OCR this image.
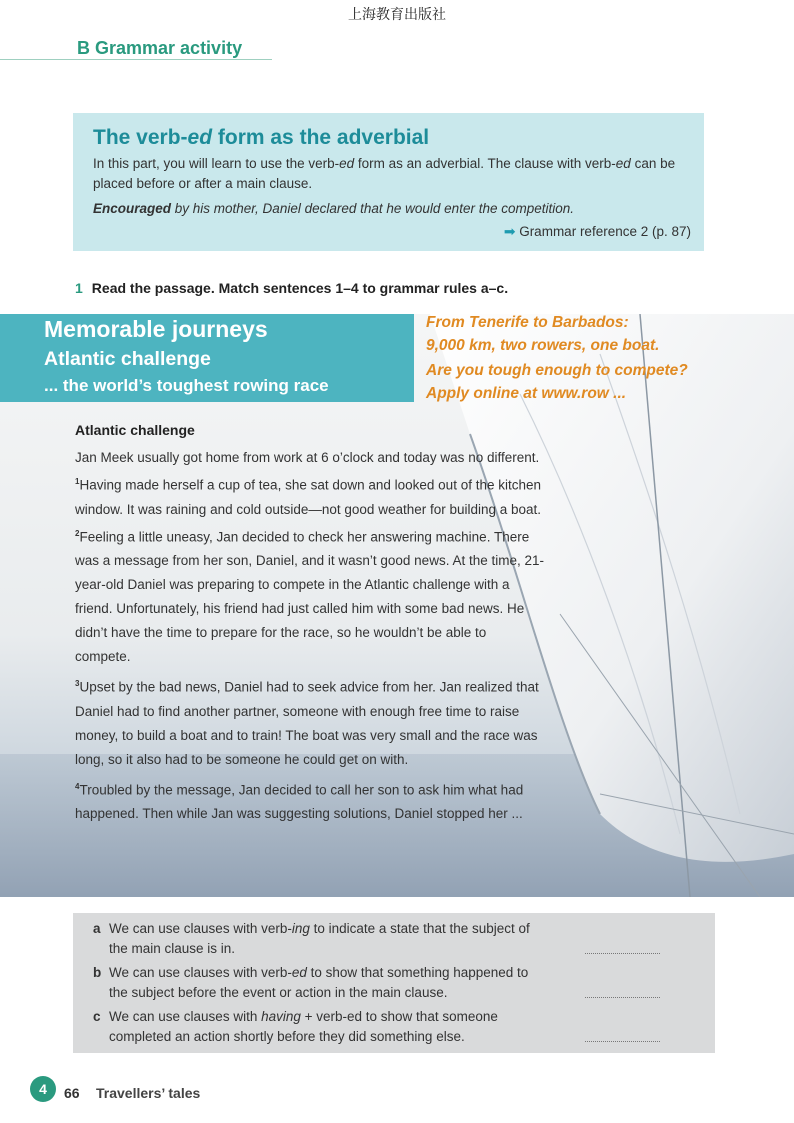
上海教育出版社
B Grammar activity
The verb-ed form as the adverbial
In this part, you will learn to use the verb-ed form as an adverbial. The clause with verb-ed can be placed before or after a main clause.
Encouraged by his mother, Daniel declared that he would enter the competition.
➟ Grammar reference 2 (p. 87)
1 Read the passage. Match sentences 1–4 to grammar rules a–c.
Memorable journeys
Atlantic challenge
... the world’s toughest rowing race
From Tenerife to Barbados:
9,000 km, two rowers, one boat.
Are you tough enough to compete?
Apply online at www.row ...
Atlantic challenge

Jan Meek usually got home from work at 6 o’clock and today was no different. $^1$Having made herself a cup of tea, she sat down and looked out of the kitchen window. It was raining and cold outside—not good weather for building a boat. $^2$Feeling a little uneasy, Jan decided to check her answering machine. There was a message from her son, Daniel, and it wasn’t good news. At the time, 21-year-old Daniel was preparing to compete in the Atlantic challenge with a friend. Unfortunately, his friend had just called him with some bad news. He didn’t have the time to prepare for the race, so he wouldn’t be able to compete.

$^3$Upset by the bad news, Daniel had to seek advice from her. Jan realized that Daniel had to find another partner, someone with enough free time to raise money, to build a boat and to train! The boat was very small and the race was long, so it also had to be someone he could get on with.

$^4$Troubled by the message, Jan decided to call her son to ask him what had happened. Then while Jan was suggesting solutions, Daniel stopped her ...

a We can use clauses with verb-ing to indicate a state that the subject of
the main clause is in.
b We can use clauses with verb-ed to show that something happened to
the subject before the event or action in the main clause.
c We can use clauses with having + verb-ed to show that someone
completed an action shortly before they did something else.
4	66 Travellers’ tales
